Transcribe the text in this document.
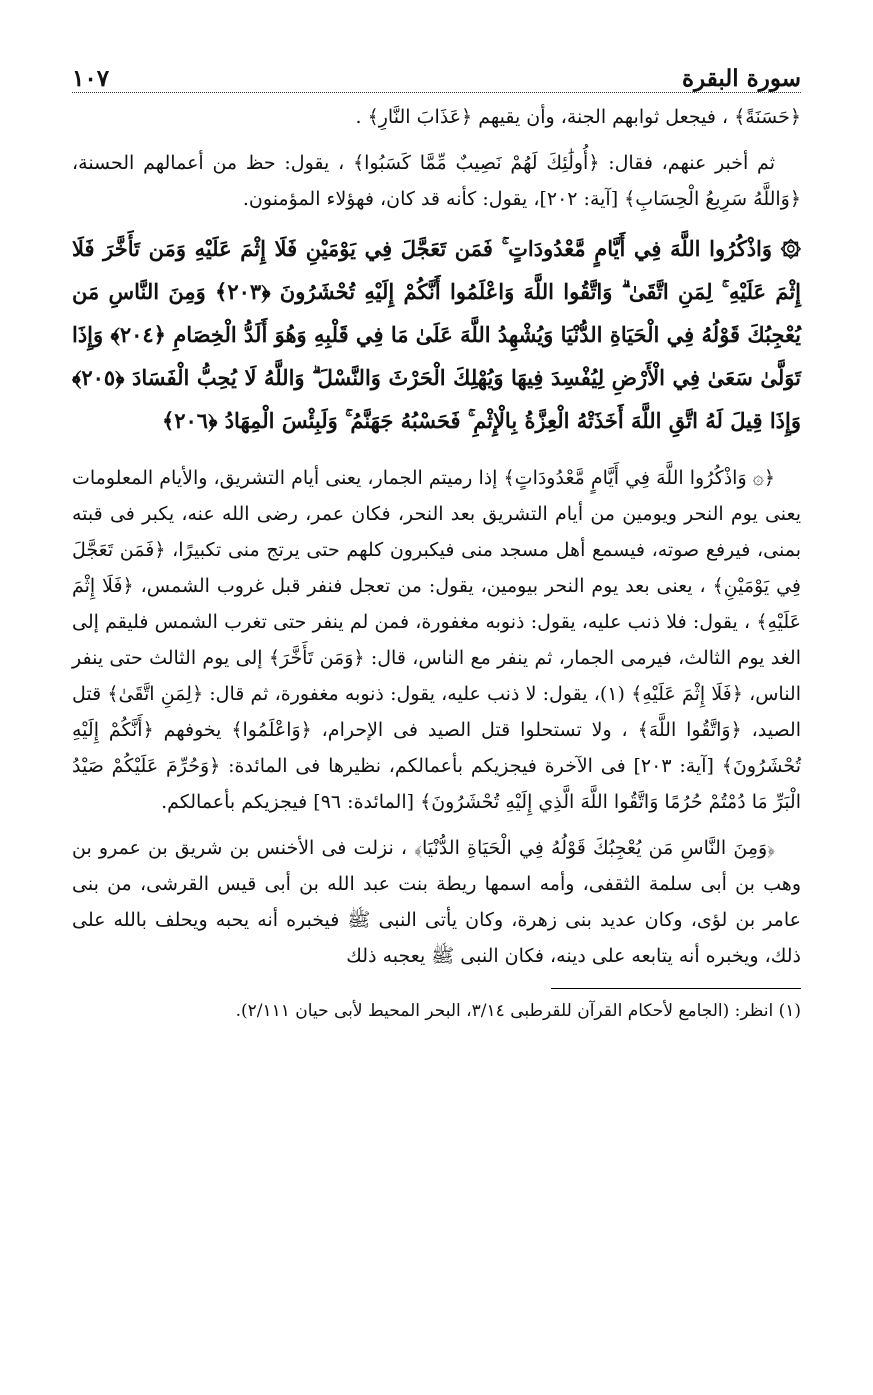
سورة البقرة
١٠٧

﴿حَسَنَةً﴾ ، فيجعل ثوابهم الجنة، وأن يقيهم ﴿عَذَابَ النَّارِ﴾ .

ثم أخبر عنهم، فقال: ﴿أُولَٰئِكَ لَهُمْ نَصِيبٌ مِّمَّا كَسَبُوا﴾ ، يقول: حظ من أعمالهم الحسنة، ﴿وَاللَّهُ سَرِيعُ الْحِسَابِ﴾ [آية: ٢٠٢]، يقول: كأنه قد كان، فهؤلاء المؤمنون.

۞ وَاذْكُرُوا اللَّهَ فِي أَيَّامٍ مَّعْدُودَاتٍ ۚ فَمَن تَعَجَّلَ فِي يَوْمَيْنِ فَلَا إِثْمَ عَلَيْهِ وَمَن تَأَخَّرَ فَلَا إِثْمَ عَلَيْهِ ۚ لِمَنِ اتَّقَىٰ ۗ وَاتَّقُوا اللَّهَ وَاعْلَمُوا أَنَّكُمْ إِلَيْهِ تُحْشَرُونَ ﴿٢٠٣﴾ وَمِنَ النَّاسِ مَن يُعْجِبُكَ قَوْلُهُ فِي الْحَيَاةِ الدُّنْيَا وَيُشْهِدُ اللَّهَ عَلَىٰ مَا فِي قَلْبِهِ وَهُوَ أَلَدُّ الْخِصَامِ ﴿٢٠٤﴾ وَإِذَا تَوَلَّىٰ سَعَىٰ فِي الْأَرْضِ لِيُفْسِدَ فِيهَا وَيُهْلِكَ الْحَرْثَ وَالنَّسْلَ ۗ وَاللَّهُ لَا يُحِبُّ الْفَسَادَ ﴿٢٠٥﴾ وَإِذَا قِيلَ لَهُ اتَّقِ اللَّهَ أَخَذَتْهُ الْعِزَّةُ بِالْإِثْمِ ۚ فَحَسْبُهُ جَهَنَّمُ ۚ وَلَبِئْسَ الْمِهَادُ ﴿٢٠٦﴾

﴿۞ وَاذْكُرُوا اللَّهَ فِي أَيَّامٍ مَّعْدُودَاتٍ﴾ إذا رميتم الجمار، يعنى أيام التشريق، والأيام المعلومات يعنى يوم النحر ويومين من أيام التشريق بعد النحر، فكان عمر، رضى الله عنه، يكبر فى قبته بمنى، فيرفع صوته، فيسمع أهل مسجد منى فيكبرون كلهم حتى يرتج منى تكبيرًا، ﴿فَمَن تَعَجَّلَ فِي يَوْمَيْنِ﴾ ، يعنى بعد يوم النحر بيومين، يقول: من تعجل فنفر قبل غروب الشمس، ﴿فَلَا إِثْمَ عَلَيْهِ﴾ ، يقول: فلا ذنب عليه، يقول: ذنوبه مغفورة، فمن لم ينفر حتى تغرب الشمس فليقم إلى الغد يوم الثالث، فيرمى الجمار، ثم ينفر مع الناس، قال: ﴿وَمَن تَأَخَّرَ﴾ إلى يوم الثالث حتى ينفر الناس، ﴿فَلَا إِثْمَ عَلَيْهِ﴾ (١)، يقول: لا ذنب عليه، يقول: ذنوبه مغفورة، ثم قال: ﴿لِمَنِ اتَّقَىٰ﴾ قتل الصيد، ﴿وَاتَّقُوا اللَّهَ﴾ ، ولا تستحلوا قتل الصيد فى الإحرام، ﴿وَاعْلَمُوا﴾ يخوفهم ﴿أَنَّكُمْ إِلَيْهِ تُحْشَرُونَ﴾ [آية: ٢٠٣] فى الآخرة فيجزيكم بأعمالكم، نظيرها فى المائدة: ﴿وَحُرِّمَ عَلَيْكُمْ صَيْدُ الْبَرِّ مَا دُمْتُمْ حُرُمًا وَاتَّقُوا اللَّهَ الَّذِي إِلَيْهِ تُحْشَرُونَ﴾ [المائدة: ٩٦] فيجزيكم بأعمالكم.

﴿وَمِنَ النَّاسِ مَن يُعْجِبُكَ قَوْلُهُ فِي الْحَيَاةِ الدُّنْيَا﴾ ، نزلت فى الأخنس بن شريق بن عمرو بن وهب بن أبى سلمة الثقفى، وأمه اسمها ريطة بنت عبد الله بن أبى قيس القرشى، من بنى عامر بن لؤى، وكان عديد بنى زهرة، وكان يأتى النبى ﷺ فيخبره أنه يحبه ويحلف بالله على ذلك، ويخبره أنه يتابعه على دينه، فكان النبى ﷺ يعجبه ذلك

(١) انظر: (الجامع لأحكام القرآن للقرطبى ٣/١٤، البحر المحيط لأبى حيان ٢/١١١).
